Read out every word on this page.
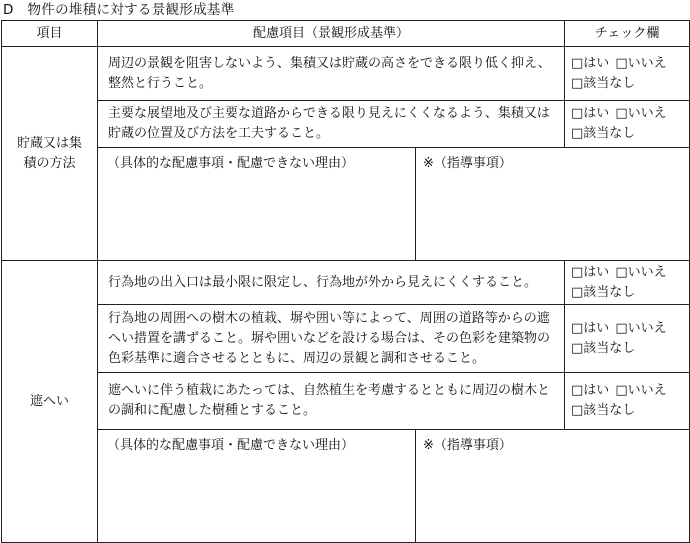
D　物件の堆積に対する景観形成基準
項目	配慮項目（景観形成基準）		チェック欄
貯蔵又は集積の方法	周辺の景観を阻害しないよう、集積又は貯蔵の高さをできる限り低く抑え、整然と行うこと。		□はい □いいえ
□該当なし

	主要な展望地及び主要な道路からできる限り見えにくくなるよう、集積又は貯蔵の位置及び方法を工夫すること。		□はい □いいえ
□該当なし

	（具体的な配慮事項・配慮できない理由）	※（指導事項）	
遮へい	行為地の出入口は最小限に限定し、行為地が外から見えにくくすること。		□はい □いいえ
□該当なし

	行為地の周囲への樹木の植栽、塀や囲い等によって、周囲の道路等からの遮へい措置を講ずること。塀や囲いなどを設ける場合は、その色彩を建築物の色彩基準に適合させるとともに、周辺の景観と調和させること。		□はい □いいえ
□該当なし

	遮へいに伴う植栽にあたっては、自然植生を考慮するとともに周辺の樹木との調和に配慮した樹種とすること。		□はい □いいえ
□該当なし

	（具体的な配慮事項・配慮できない理由）	※（指導事項）	
